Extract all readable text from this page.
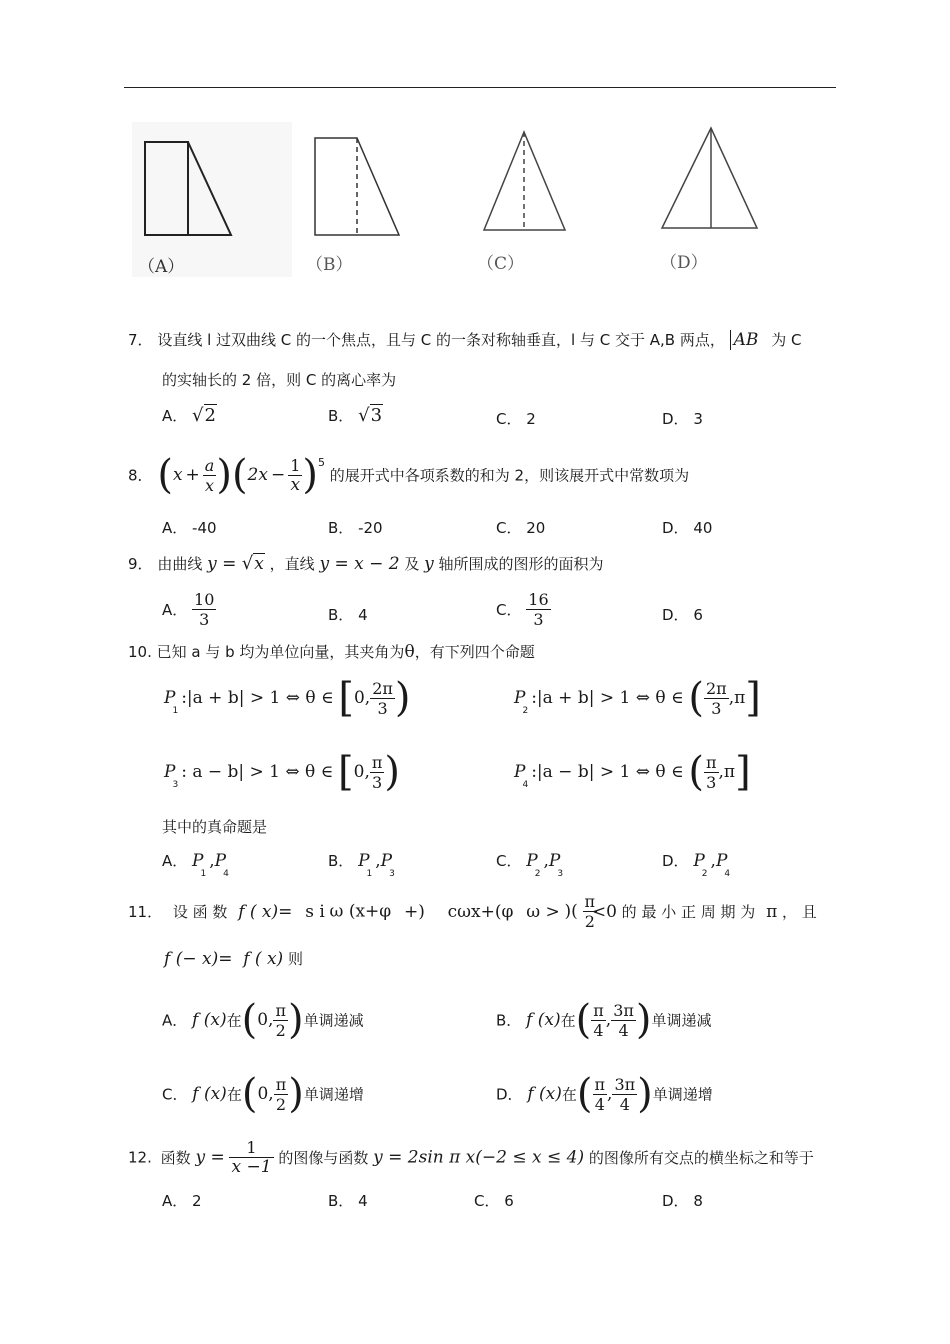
（A）	（B）	（C）	（D）
7． 设直线 l 过双曲线 C 的一个焦点，且与 C 的一条对称轴垂直，l 与 C 交于 A,B 两点， AB 为 C
的实轴长的 2 倍，则 C 的离心率为
A． √2	B． √3	C． 2	D． 3
8． $(x + \frac{a}{x} )(2x - \frac{1}{x} )^5$ 的展开式中各项系数的和为 2，则该展开式中常数项为
A． -40	B． -20	C． 20	D． 40
9． 由曲线 y = √x ，直线 y = x − 2 及 y 轴所围成的图形的面积为
A． $\frac{10}{3}$	B． 4	C． $\frac{16}{3}$	D． 6
10. 已知 a 与 b 均为单位向量，其夹角为θ，有下列四个命题
$P_1:|a + b| > 1$ ⇔ θ ∈ [0, $\frac{2\pi}{3}$ )	$P_2:|a + b| > 1$ ⇔ θ ∈ ( $\frac{2\pi}{3} ,\pi$]
$P_3$: a − b| > 1 ⇔ θ ∈ [0, $\frac{\pi}{3}$ )	$P_4:|a - b| > 1$ ⇔ θ ∈ ( $\frac{\pi}{3} ,\pi$]
其中的真命题是
A． $P_1,P_4$
B． $P_1,P_3$
C． $P_2,P_3$
D． $P_2,P_4$
11． 设 函 数 f ( x)= s i ω (x+φ +) cωx+(φ ω > )( $\frac{\pi}{2}$
<0 的 最 小 正 周 期 为 π ， 且
f (− x)= f ( x) 则
A． f (x)在(0, $\frac{\pi}{2}$ )单调递减	B． f (x)在( $\frac{\pi}{4}$ , $\frac{3\pi}{4}$ )单调递减
C． f (x)在(0, $\frac{\pi}{2}$ )单调递增	D． f (x)在( $\frac{\pi}{4}$ , $\frac{3\pi}{4}$ )单调递增
12. 函数 $y = \frac{1}{x -1}$ 的图像与函数 y = 2sin π x(−2 ≤ x ≤ 4) 的图像所有交点的横坐标之和等于
A． 2	B． 4	C． 6	D． 8
